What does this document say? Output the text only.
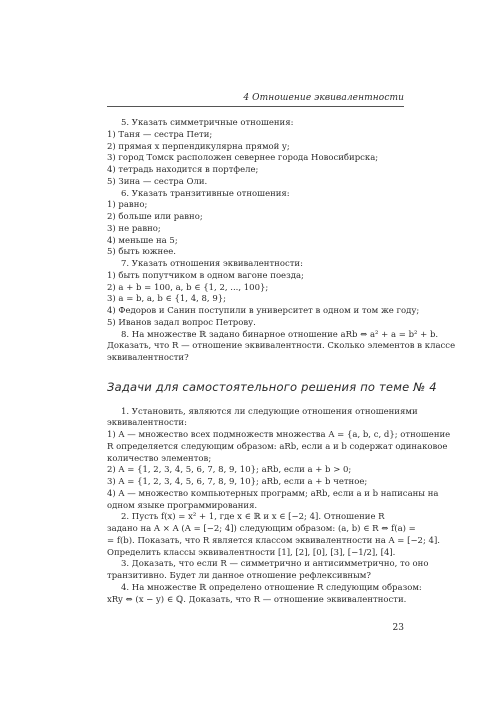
4 Отношение эквивалентности
5. Указать симметричные отношения:
1) Таня — сестра Пети;
2) прямая x перпендикулярна прямой y;
3) город Томск расположен севернее города Новосибирска;
4) тетрадь находится в портфеле;
5) Зина — сестра Оли.
6. Указать транзитивные отношения:
1) равно;
2) больше или равно;
3) не равно;
4) меньше на 5;
5) быть южнее.
7. Указать отношения эквивалентности:
1) быть попутчиком в одном вагоне поезда;
2) a + b = 100, a, b ∈ {1, 2, ..., 100};
3) a = b, a, b ∈ {1, 4, 8, 9};
4) Федоров и Санин поступили в университет в одном и том же году;
5) Иванов задал вопрос Петрову.
8. На множестве ℝ задано бинарное отношение aRb ⇔ a² + a = b² + b.
Доказать, что R — отношение эквивалентности. Сколько элементов в классе
эквивалентности?
Задачи для самостоятельного решения по теме № 4
1. Установить, являются ли следующие отношения отношениями
эквивалентности:
1) A — множество всех подмножеств множества A = {a, b, c, d}; отношение
R определяется следующим образом: aRb, если a и b содержат одинаковое
количество элементов;
2) A = {1, 2, 3, 4, 5, 6, 7, 8, 9, 10}; aRb, если a + b > 0;
3) A = {1, 2, 3, 4, 5, 6, 7, 8, 9, 10}; aRb, если a + b четное;
4) A — множество компьютерных программ; aRb, если a и b написаны на
одном языке программирования.
2. Пусть f(x) = x² + 1, где x ∈ ℝ и x ∈ [−2; 4]. Отношение R
задано на A × A (A = [−2; 4]) следующим образом: (a, b) ∈ R ⇔ f(a) =
= f(b). Показать, что R является классом эквивалентности на A = [−2; 4].
Определить классы эквивалентности [1], [2], [0], [3], [−1/2], [4].
3. Доказать, что если R — симметрично и антисимметрично, то оно
транзитивно. Будет ли данное отношение рефлексивным?
4. На множестве ℝ определено отношение R следующим образом:
xRy ⇔ (x − y) ∈ ℚ. Доказать, что R — отношение эквивалентности.
23
